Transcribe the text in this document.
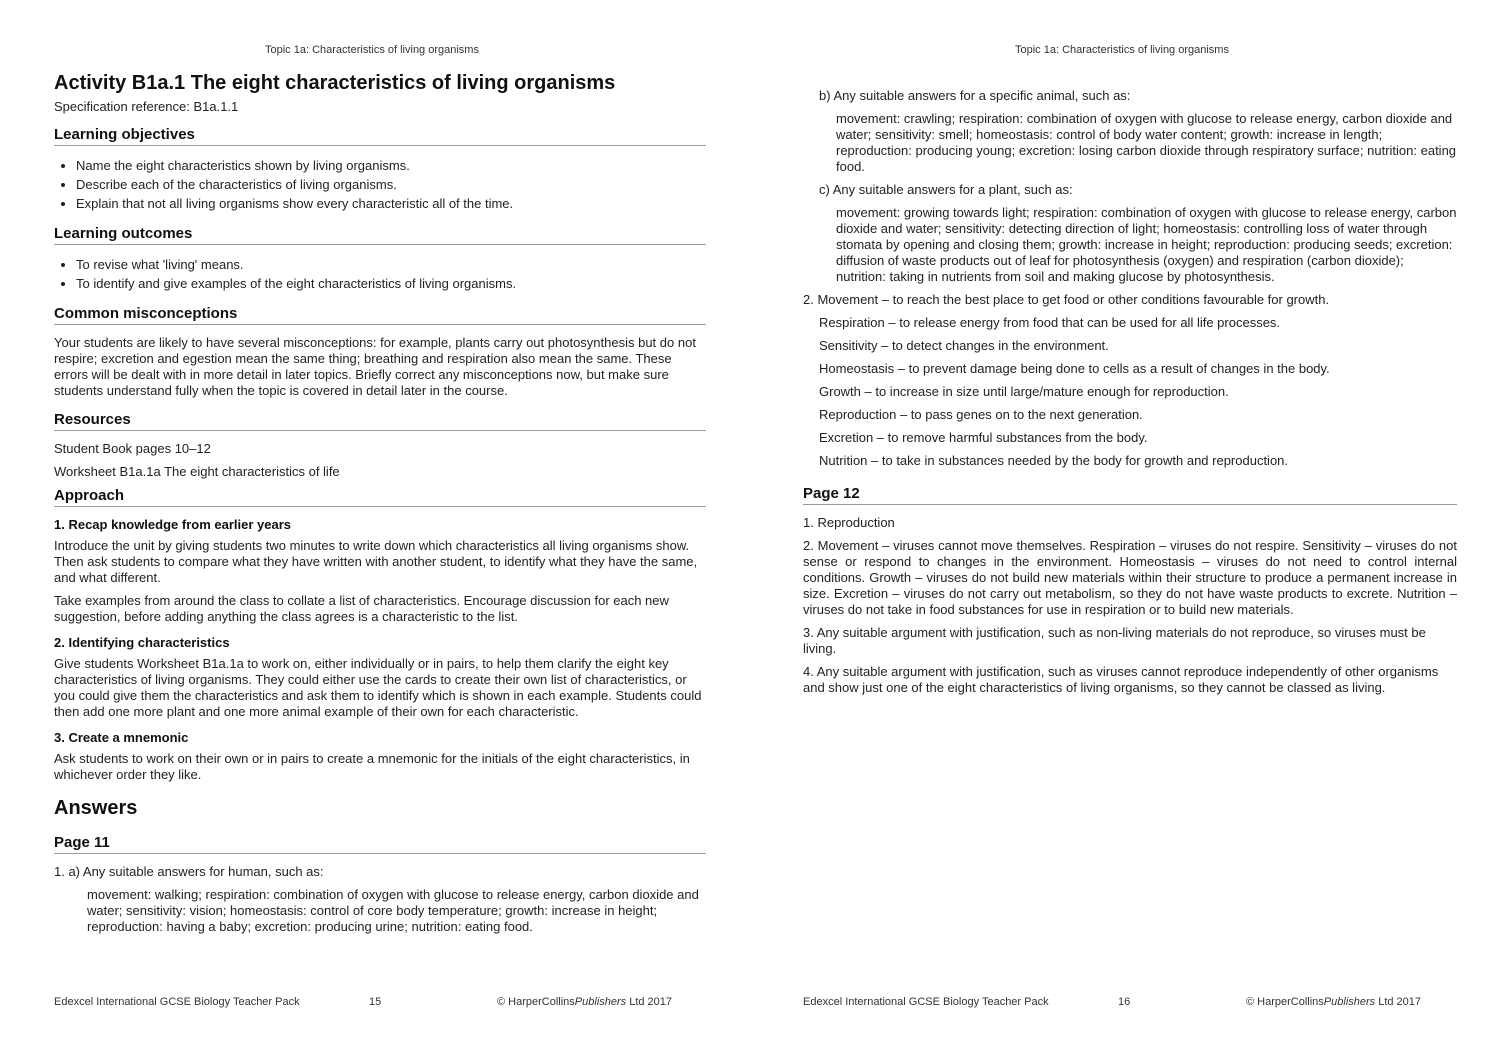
Topic 1a: Characteristics of living organisms
Activity B1a.1 The eight characteristics of living organisms
Specification reference: B1a.1.1
Learning objectives
• Name the eight characteristics shown by living organisms.
• Describe each of the characteristics of living organisms.
• Explain that not all living organisms show every characteristic all of the time.
Learning outcomes
• To revise what 'living' means.
• To identify and give examples of the eight characteristics of living organisms.
Common misconceptions

Your students are likely to have several misconceptions: for example, plants carry out photosynthesis but do not respire; excretion and egestion mean the same thing; breathing and respiration also mean the same. These errors will be dealt with in more detail in later topics. Briefly correct any misconceptions now, but make sure students understand fully when the topic is covered in detail later in the course.

Resources

Student Book pages 10–12

Worksheet B1a.1a The eight characteristics of life

Approach
1. Recap knowledge from earlier years

Introduce the unit by giving students two minutes to write down which characteristics all living organisms show. Then ask students to compare what they have written with another student, to identify what they have the same, and what different.

Take examples from around the class to collate a list of characteristics. Encourage discussion for each new suggestion, before adding anything the class agrees is a characteristic to the list.

2. Identifying characteristics

Give students Worksheet B1a.1a to work on, either individually or in pairs, to help them clarify the eight key characteristics of living organisms. They could either use the cards to create their own list of characteristics, or you could give them the characteristics and ask them to identify which is shown in each example. Students could then add one more plant and one more animal example of their own for each characteristic.

3. Create a mnemonic

Ask students to work on their own or in pairs to create a mnemonic for the initials of the eight characteristics, in whichever order they like.

Answers
Page 11

1. a) Any suitable answers for human, such as:

movement: walking; respiration: combination of oxygen with glucose to release energy, carbon dioxide and water; sensitivity: vision; homeostasis: control of core body temperature; growth: increase in height; reproduction: having a baby; excretion: producing urine; nutrition: eating food.

Edexcel International GCSE Biology Teacher Pack	15	© HarperCollinsPublishers Ltd 2017
Topic 1a: Characteristics of living organisms

b) Any suitable answers for a specific animal, such as:

movement: crawling; respiration: combination of oxygen with glucose to release energy, carbon dioxide and water; sensitivity: smell; homeostasis: control of body water content; growth: increase in length; reproduction: producing young; excretion: losing carbon dioxide through respiratory surface; nutrition: eating food.

c) Any suitable answers for a plant, such as:

movement: growing towards light; respiration: combination of oxygen with glucose to release energy, carbon dioxide and water; sensitivity: detecting direction of light; homeostasis: controlling loss of water through stomata by opening and closing them; growth: increase in height; reproduction: producing seeds; excretion: diffusion of waste products out of leaf for photosynthesis (oxygen) and respiration (carbon dioxide); nutrition: taking in nutrients from soil and making glucose by photosynthesis.

2. Movement – to reach the best place to get food or other conditions favourable for growth.

Respiration – to release energy from food that can be used for all life processes.

Sensitivity – to detect changes in the environment.

Homeostasis – to prevent damage being done to cells as a result of changes in the body.

Growth – to increase in size until large/mature enough for reproduction.

Reproduction – to pass genes on to the next generation.

Excretion – to remove harmful substances from the body.

Nutrition – to take in substances needed by the body for growth and reproduction.

Page 12

1. Reproduction

2. Movement – viruses cannot move themselves. Respiration – viruses do not respire. Sensitivity – viruses do not sense or respond to changes in the environment. Homeostasis – viruses do not need to control internal conditions. Growth – viruses do not build new materials within their structure to produce a permanent increase in size. Excretion – viruses do not carry out metabolism, so they do not have waste products to excrete. Nutrition – viruses do not take in food substances for use in respiration or to build new materials.

3. Any suitable argument with justification, such as non-living materials do not reproduce, so viruses must be living.

4. Any suitable argument with justification, such as viruses cannot reproduce independently of other organisms and show just one of the eight characteristics of living organisms, so they cannot be classed as living.

Edexcel International GCSE Biology Teacher Pack	16	© HarperCollinsPublishers Ltd 2017
